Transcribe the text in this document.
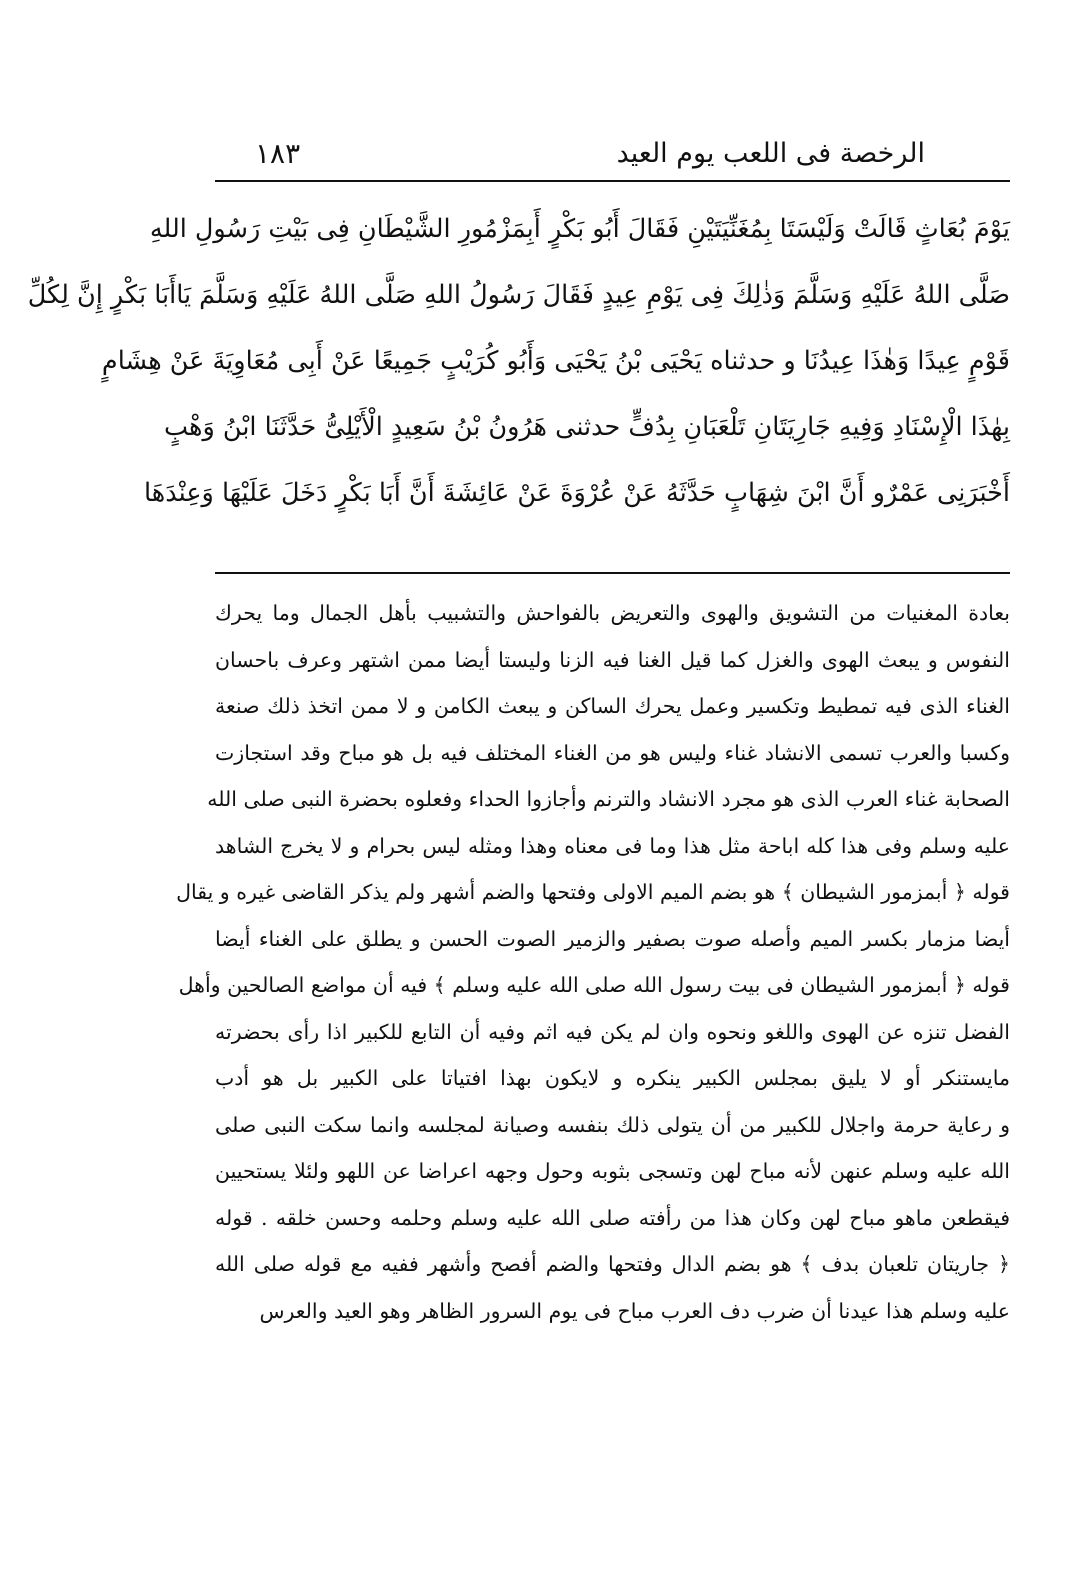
الرخصة فى اللعب يوم العيد
١٨٣
يَوْمَ بُعَاثٍ قَالَتْ وَلَيْسَتَا بِمُغَنِّيَتَيْنِ فَقَالَ أَبُو بَكْرٍ أَبِمَزْمُورِ الشَّيْطَانِ فِى بَيْتِ رَسُولِ اللهِ
صَلَّى اللهُ عَلَيْهِ وَسَلَّمَ وَذٰلِكَ فِى يَوْمِ عِيدٍ فَقَالَ رَسُولُ اللهِ صَلَّى اللهُ عَلَيْهِ وَسَلَّمَ يَاأَبَا بَكْرٍ إِنَّ لِكُلِّ
قَوْمٍ عِيدًا وَهٰذَا عِيدُنَا و حدثناه يَحْيَى بْنُ يَحْيَى وَأَبُو كُرَيْبٍ جَمِيعًا عَنْ أَبِى مُعَاوِيَةَ عَنْ هِشَامٍ
بِهٰذَا الْإِسْنَادِ وَفِيهِ جَارِيَتَانِ تَلْعَبَانِ بِدُفٍّ حدثنى هَرُونُ بْنُ سَعِيدٍ الْأَيْلِىُّ حَدَّثَنَا ابْنُ وَهْبٍ
أَخْبَرَنِى عَمْرٌو أَنَّ ابْنَ شِهَابٍ حَدَّثَهُ عَنْ عُرْوَةَ عَنْ عَائِشَةَ أَنَّ أَبَا بَكْرٍ دَخَلَ عَلَيْهَا وَعِنْدَهَا
بعادة المغنيات من التشويق والهوى والتعريض بالفواحش والتشبيب بأهل الجمال وما يحرك
النفوس و يبعث الهوى والغزل كما قيل الغنا فيه الزنا وليستا أيضا ممن اشتهر وعرف باحسان
الغناء الذى فيه تمطيط وتكسير وعمل يحرك الساكن و يبعث الكامن و لا ممن اتخذ ذلك صنعة
وكسبا والعرب تسمى الانشاد غناء وليس هو من الغناء المختلف فيه بل هو مباح وقد استجازت
الصحابة غناء العرب الذى هو مجرد الانشاد والترنم وأجازوا الحداء وفعلوه بحضرة النبى صلى الله
عليه وسلم وفى هذا كله اباحة مثل هذا وما فى معناه وهذا ومثله ليس بحرام و لا يخرج الشاهد
قوله ﴿ أبمزمور الشيطان ﴾ هو بضم الميم الاولى وفتحها والضم أشهر ولم يذكر القاضى غيره و يقال
أيضا مزمار بكسر الميم وأصله صوت بصفير والزمير الصوت الحسن و يطلق على الغناء أيضا
قوله ﴿ أبمزمور الشيطان فى بيت رسول الله صلى الله عليه وسلم ﴾ فيه أن مواضع الصالحين وأهل
الفضل تنزه عن الهوى واللغو ونحوه وان لم يكن فيه اثم وفيه أن التابع للكبير اذا رأى بحضرته
مايستنكر أو لا يليق بمجلس الكبير ينكره و لايكون بهذا افتياتا على الكبير بل هو أدب
و رعاية حرمة واجلال للكبير من أن يتولى ذلك بنفسه وصيانة لمجلسه وانما سكت النبى صلى
الله عليه وسلم عنهن لأنه مباح لهن وتسجى بثوبه وحول وجهه اعراضا عن اللهو ولئلا يستحيين
فيقطعن ماهو مباح لهن وكان هذا من رأفته صلى الله عليه وسلم وحلمه وحسن خلقه . قوله
﴿ جاريتان تلعبان بدف ﴾ هو بضم الدال وفتحها والضم أفصح وأشهر ففيه مع قوله صلى الله
عليه وسلم هذا عيدنا أن ضرب دف العرب مباح فى يوم السرور الظاهر وهو العيد والعرس
